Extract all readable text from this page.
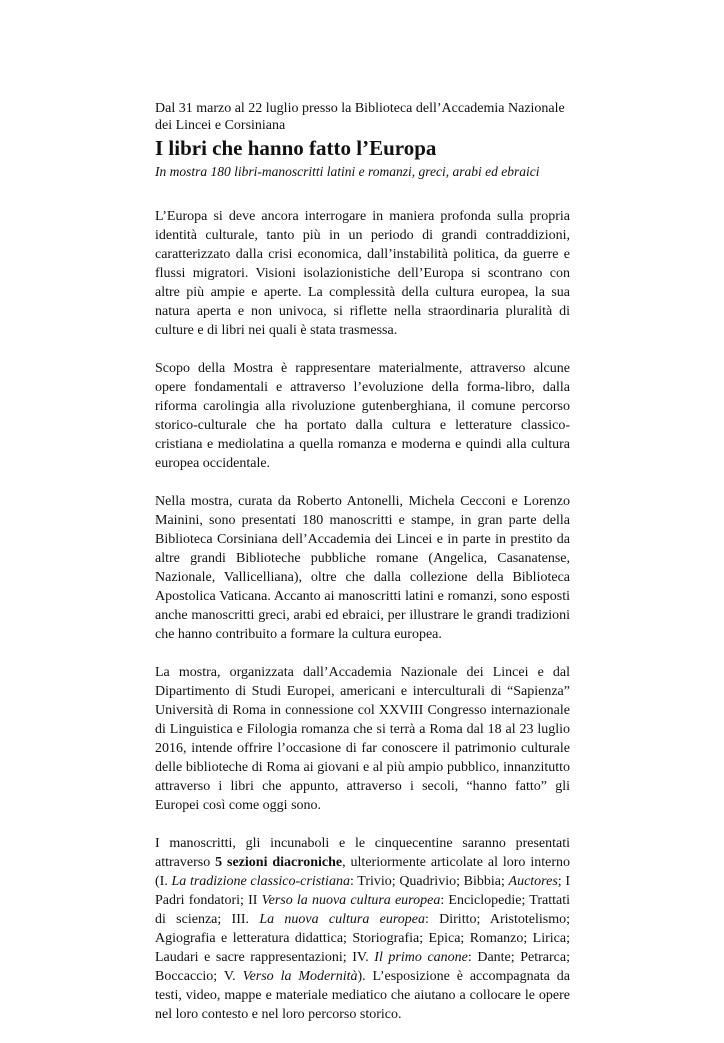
Dal 31 marzo al 22 luglio presso la Biblioteca dell’Accademia Nazionale dei Lincei e Corsiniana

I libri che hanno fatto l’Europa

In mostra 180 libri-manoscritti latini e romanzi, greci, arabi ed ebraici

L’Europa si deve ancora interrogare in maniera profonda sulla propria identità culturale, tanto più in un periodo di grandi contraddizioni, caratterizzato dalla crisi economica, dall’instabilità politica, da guerre e flussi migratori. Visioni isolazionistiche dell’Europa si scontrano con altre più ampie e aperte. La complessità della cultura europea, la sua natura aperta e non univoca, si riflette nella straordinaria pluralità di culture e di libri nei quali è stata trasmessa.

Scopo della Mostra è rappresentare materialmente, attraverso alcune opere fondamentali e attraverso l’evoluzione della forma-libro, dalla riforma carolingia alla rivoluzione gutenberghiana, il comune percorso storico-culturale che ha portato dalla cultura e letterature classico-cristiana e mediolatina a quella romanza e moderna e quindi alla cultura europea occidentale.

Nella mostra, curata da Roberto Antonelli, Michela Cecconi e Lorenzo Mainini, sono presentati 180 manoscritti e stampe, in gran parte della Biblioteca Corsiniana dell’Accademia dei Lincei e in parte in prestito da altre grandi Biblioteche pubbliche romane (Angelica, Casanatense, Nazionale, Vallicelliana), oltre che dalla collezione della Biblioteca Apostolica Vaticana. Accanto ai manoscritti latini e romanzi, sono esposti anche manoscritti greci, arabi ed ebraici, per illustrare le grandi tradizioni che hanno contribuito a formare la cultura europea.

La mostra, organizzata dall’Accademia Nazionale dei Lincei e dal Dipartimento di Studi Europei, americani e interculturali di “Sapienza” Università di Roma in connessione col XXVIII Congresso internazionale di Linguistica e Filologia romanza che si terrà a Roma dal 18 al 23 luglio 2016, intende offrire l’occasione di far conoscere il patrimonio culturale delle biblioteche di Roma ai giovani e al più ampio pubblico, innanzitutto attraverso i libri che appunto, attraverso i secoli, “hanno fatto” gli Europei così come oggi sono.

I manoscritti, gli incunaboli e le cinquecentine saranno presentati attraverso 5 sezioni diacroniche, ulteriormente articolate al loro interno (I. La tradizione classico-cristiana: Trivio; Quadrivio; Bibbia; Auctores; I Padri fondatori; II Verso la nuova cultura europea: Enciclopedie; Trattati di scienza; III. La nuova cultura europea: Diritto; Aristotelismo; Agiografia e letteratura didattica; Storiografia; Epica; Romanzo; Lirica; Laudari e sacre rappresentazioni; IV. Il primo canone: Dante; Petrarca; Boccaccio; V. Verso la Modernità). L’esposizione è accompagnata da testi, video, mappe e materiale mediatico che aiutano a collocare le opere nel loro contesto e nel loro percorso storico.
